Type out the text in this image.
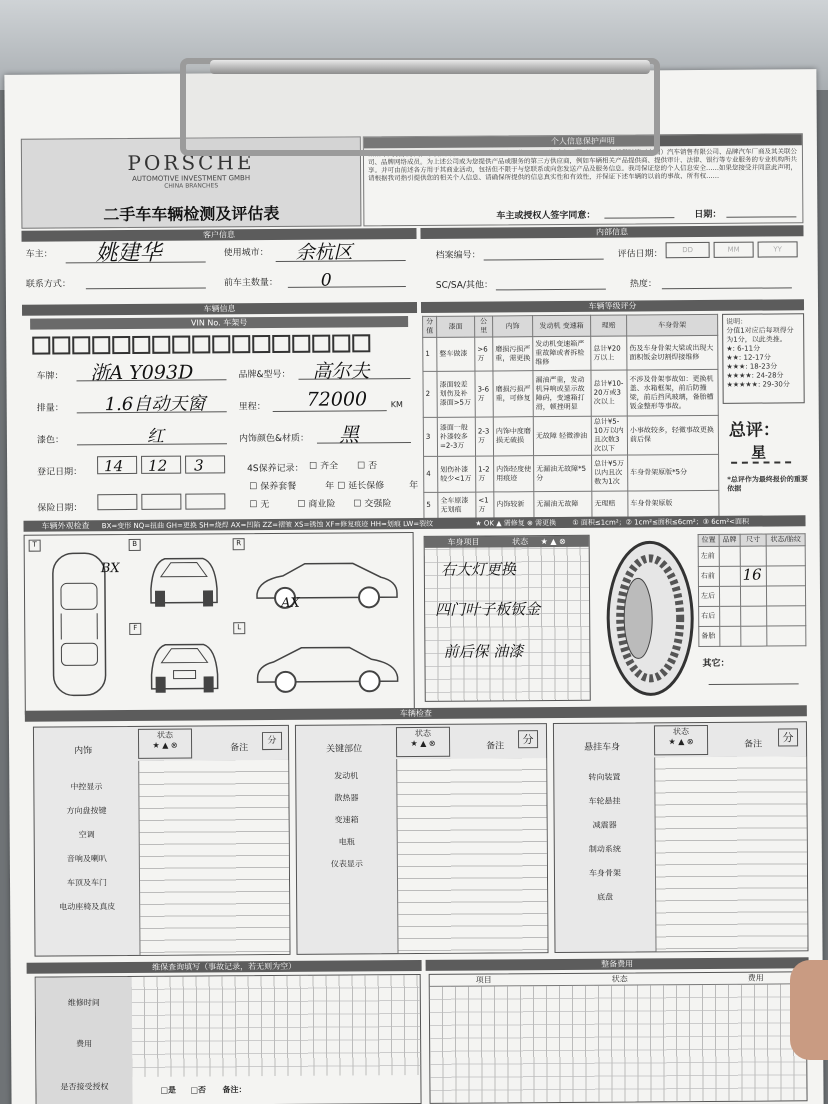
PORSCHE
AUTOMOTIVE INVESTMENT GMBH
CHINA BRANCHES
二手车车辆检测及评估表
个人信息保护声明
……个人联系方式、车辆照片、行驶证照片以及车辆使用……（包含但不限于）……包括保时捷（中国）汽车销售有限公司、品牌汽车厂商及其关联公司、品牌网络成员。为上述公司或为您提供产品或服务的第三方供应商，例如车辆相关产品提供商、提供审计、法律、银行等专业服务的专业机构所共享。并可由前述各方用于其商业活动，包括但不限于与您联系或向您发送产品及服务信息。我司保证您的个人信息安全……如果您接受并同意此声明，请根据我司指引提供您的相关个人信息、请确保所提供的信息真实性和有效性，并保证下述车辆的以前的事故、所有权……
车主或授权人签字同意：	日期：
客户信息
车主： 姚建华	使用城市： 余杭区
联系方式：	前车主数量：	0
内部信息
档案编号：	评估日期：	DD	MM	YY
SC/SA/其他：	热度：
车辆信息
VIN No. 车架号
车牌： 浙A Y093D	品牌&型号： 高尔夫
排量： 1.6自动天窗	里程： 72000	KM
漆色：	红	内饰颜色&材质： 黑
登记日期：	14	12	3	4S保养记录： ☐ 齐全 ☐ 否
☐ 保养套餐	年 ☐ 延长保修	年
保险日期：	☐ 无	☐ 商业险 ☐ 交强险
车辆等级评分
分值	漆面	公里	内饰	发动机 变速箱	理赔	车身骨架
1	整车做漆	>6万	磨损污损严重，需更换	发动机变速箱严重故障或者拆检维修	总计¥20万以上	伤及车身骨架大梁或出现大面积钣金切割焊接维修
2	漆面较差划伤及补漆面>5万	3-6万	磨损污损严重，可修复	漏油严重，发动机异响或显示故障码，变速箱打滑，顿挫明显	总计¥10-20万或3次以上	不涉及骨架事故如：更换机盖、水箱框架，前后防撞梁，前后挡风玻璃，备胎槽钣金整形等事故。
3	漆面一般补漆较多=2-3万	2-3万	内饰中度磨损无破损	无故障 轻微渗油	总计¥5-10万以内且次数3次以下	小事故较多，轻微事故更换前后保
4	划伤补漆较少<1万	1-2万	内饰轻度使用痕迹	无漏油无故障*5分	总计¥5万以内且次数为1次	车身骨架原版*5分
5	全车原漆无划痕	<1万	内饰较新	无漏油无故障	无理赔	车身骨架原版
说明：
分值1对应后每项得分为1分，以此类推。
★: 6-11分
★★: 12-17分
★★★: 18-23分
★★★★: 24-28分
★★★★★: 29-30分
总评：
星
*总评作为最终报价的重要依据
车辆外观检查 BX=变形 NQ=扭曲 GH=更换 SH=烧焊 AX=凹陷 ZZ=褶皱 XS=锈蚀 XF=修复痕迹 HH=划痕 LW=裂纹	★ OK ▲ 需修复 ⊗ 需更换 ① 面积≤1cm²；② 1cm²≤面积≤6cm²；③ 6cm²<面积
T	B	R
F	L
BX
AX
车身项目	状态 ★ ▲ ⊗
右大灯更换
四门叶子板钣金
前后保 油漆
位置	品牌	尺寸	状态/胎纹
左前			
右前		16	
左后			
右后			
备胎			
其它：
车辆检查
内饰
状态
★ ▲ ⊗	备注
分
中控显示
方向盘按键
空调
音响及喇叭
车顶及车门
电动座椅及真皮
关键部位
状态
★ ▲ ⊗	备注
分
发动机
散热器
变速箱
电瓶
仪表显示
悬挂车身
状态
★ ▲ ⊗	备注
分
转向装置
车轮悬挂
减震器
制动系统
车身骨架
底盘
维保查询填写（事故记录，若无则为空）
维修时间
费用
是否接受授权	□是 □否 备注：
整备费用
项目	状态	费用
